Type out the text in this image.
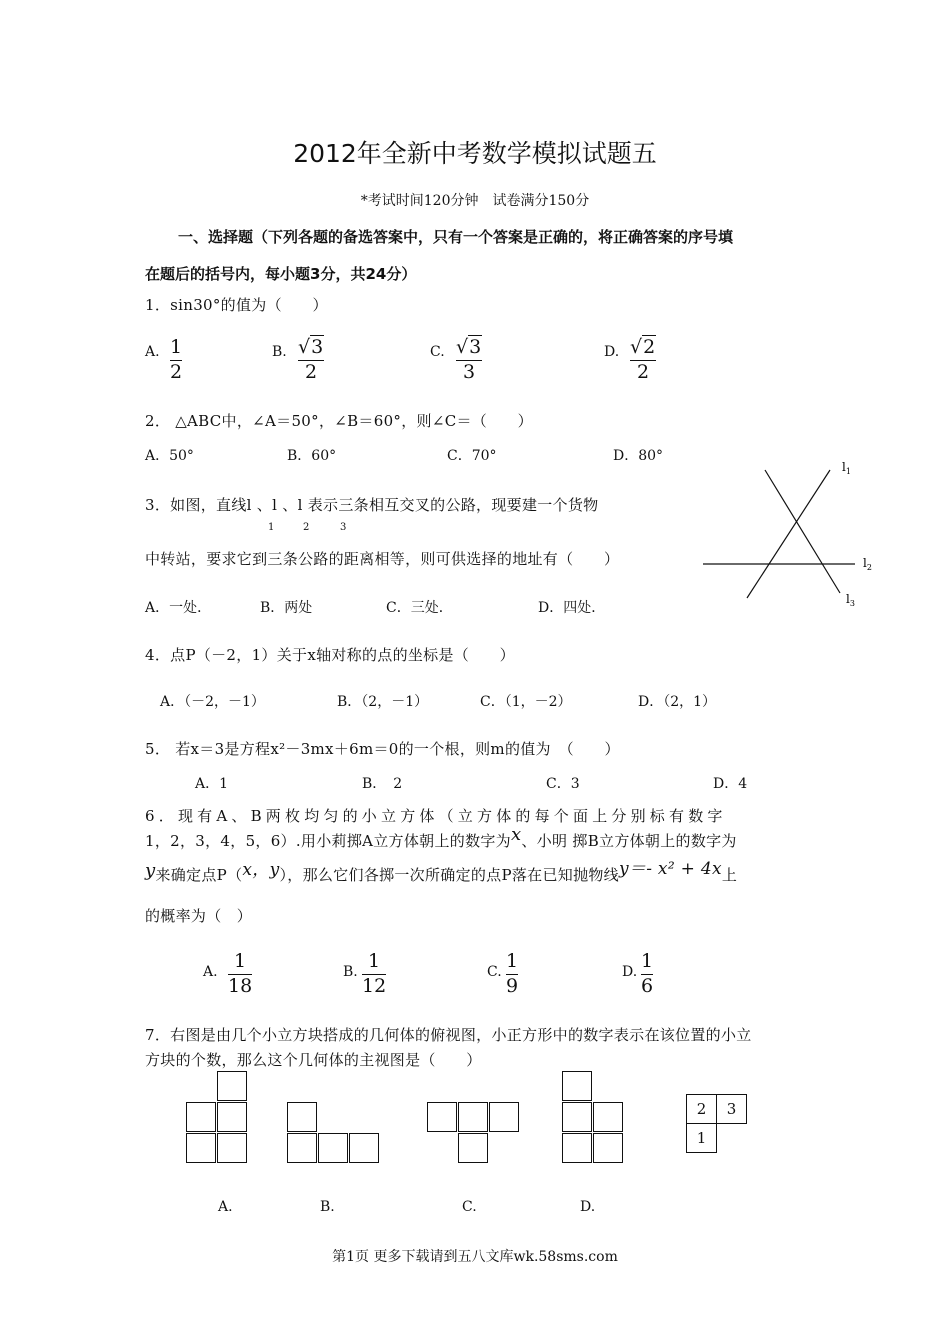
2012年全新中考数学模拟试题五
*考试时间120分钟　试卷满分150分
一、选择题（下列各题的备选答案中，只有一个答案是正确的，将正确答案的序号填
在题后的括号内，每小题3分，共24分）
1．sin30°的值为（　　）
A. 1
2
B. √3
2
C. √3
3
D. √2
2
2． △ABC中，∠A＝50°，∠B＝60°，则∠C＝（　　）
A．50°	B．60°	C．70°	D．80°
3．如图，直线l 、l 、l 表示三条相互交叉的公路，现要建一个货物
1	2	3
中转站，要求它到三条公路的距离相等，则可供选择的地址有（　　）
A．一处．	B．两处	C．三处．	D．四处．
$l_1$
$l_2$
$l_3$
4．点P（－2，1）关于x轴对称的点的坐标是（　　）
A．（－2，－1）	B．（2，－1）	C．（1，－2）	D．（2，1）
5． 若x＝3是方程x²－3mx＋6m＝0的一个根，则m的值为　（　　）
A．1	B．　2	C．3	D．4
6．现有A、B两枚均匀的小立方体（立方体的每个面上分别标有数字
1，2，3，4，5，6）.用小莉掷A立方体朝上的数字为x、小明 掷B立方体朝上的数字为
y来确定点P（x，y），那么它们各掷一次所确定的点P落在已知抛物线y＝- x² + 4x上
的概率为（　）
A. 1
18
B. 1
12
C. 1
9
D. 1
6
7．右图是由几个小立方块搭成的几何体的俯视图，小正方形中的数字表示在该位置的小立
方块的个数，那么这个几何体的主视图是（　　）
2	3
1
A.	B.	C.	D.
第1页 更多下载请到五八文库wk.58sms.com
